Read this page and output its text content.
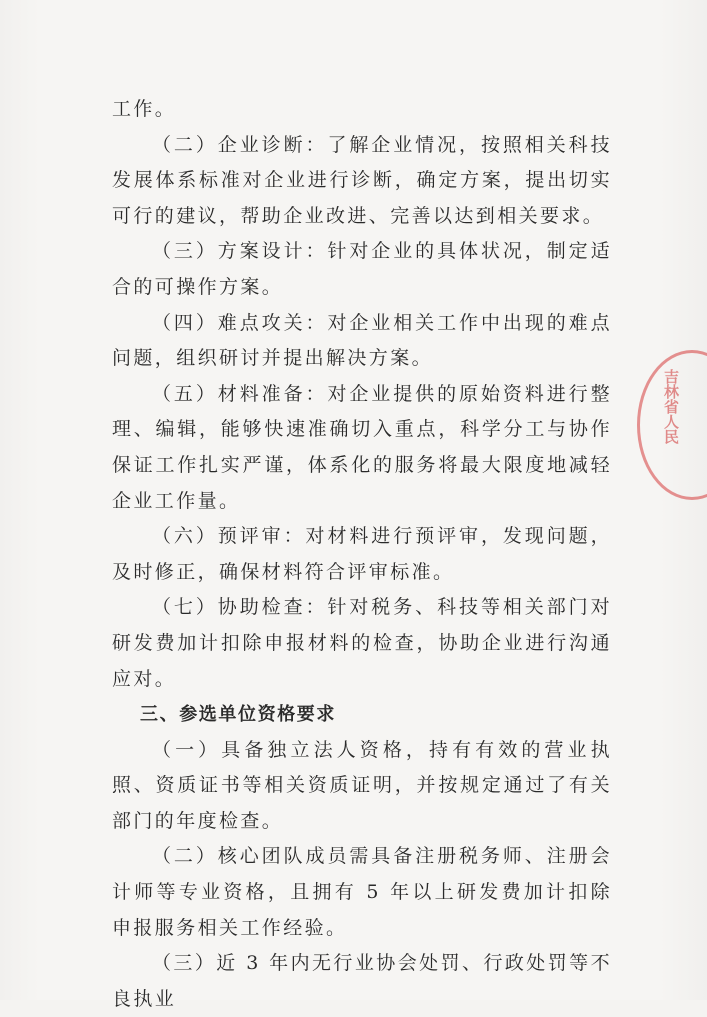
工作。

（二）企业诊断：了解企业情况，按照相关科技发展体系标准对企业进行诊断，确定方案，提出切实可行的建议，帮助企业改进、完善以达到相关要求。

（三）方案设计：针对企业的具体状况，制定适合的可操作方案。

（四）难点攻关：对企业相关工作中出现的难点问题，组织研讨并提出解决方案。

（五）材料准备：对企业提供的原始资料进行整理、编辑，能够快速准确切入重点，科学分工与协作保证工作扎实严谨，体系化的服务将最大限度地减轻企业工作量。

（六）预评审：对材料进行预评审，发现问题，及时修正，确保材料符合评审标准。

（七）协助检查：针对税务、科技等相关部门对研发费加计扣除申报材料的检查，协助企业进行沟通应对。

三、参选单位资格要求

（一）具备独立法人资格，持有有效的营业执照、资质证书等相关资质证明，并按规定通过了有关部门的年度检查。

（二）核心团队成员需具备注册税务师、注册会计师等专业资格，且拥有 5 年以上研发费加计扣除申报服务相关工作经验。

（三）近 3 年内无行业协会处罚、行政处罚等不良执业

吉林省人民
